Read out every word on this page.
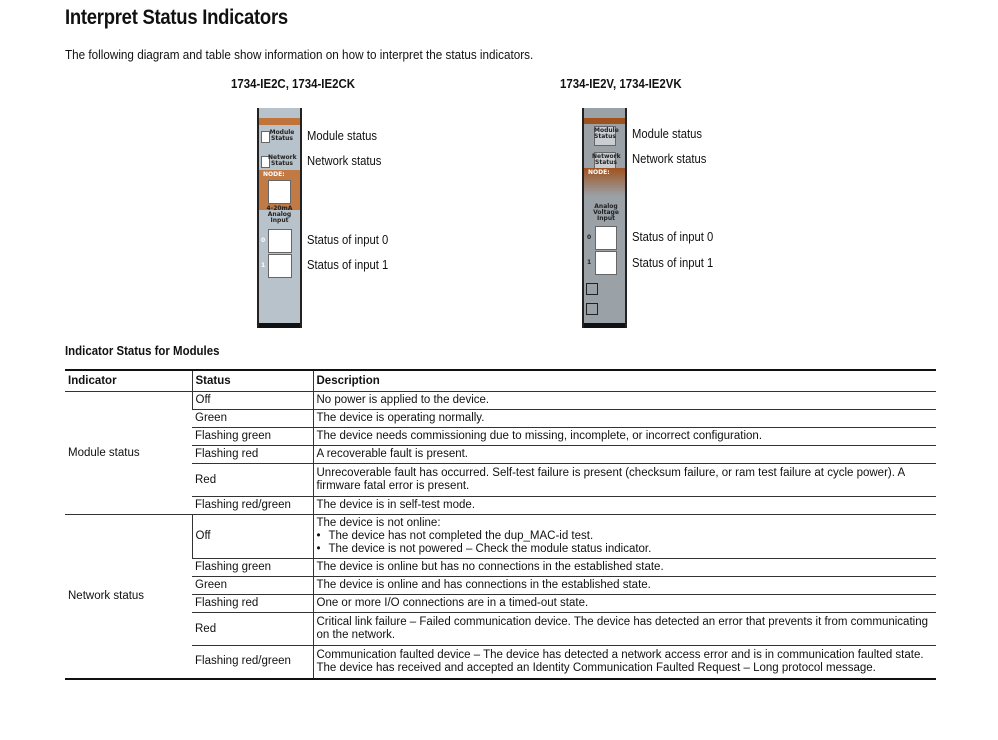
Interpret Status Indicators
The following diagram and table show information on how to interpret the status indicators.
1734-IE2C, 1734-IE2CK
Module
Status
Network
Status
NODE:
4-20mA
Analog
Input
0
1
Module status
Network status
Status of input 0
Status of input 1
1734-IE2V, 1734-IE2VK
Module
Status
Network
Status
NODE:
Analog
Voltage
Input
0
1
Module status
Network status
Status of input 0
Status of input 1
Indicator Status for Modules
Indicator	Status	Description
Module status	Off	No power is applied to the device.
	Green	The device is operating normally.
	Flashing green	The device needs commissioning due to missing, incomplete, or incorrect configuration.
	Flashing red	A recoverable fault is present.
	Red	Unrecoverable fault has occurred. Self-test failure is present (checksum failure, or ram test failure at cycle power). A firmware fatal error is present.
	Flashing red/green	The device is in self-test mode.
Network status	Off	The device is not online:
• The device has not completed the dup_MAC-id test.
• The device is not powered – Check the module status indicator.

	Flashing green	The device is online but has no connections in the established state.
	Green	The device is online and has connections in the established state.
	Flashing red	One or more I/O connections are in a timed-out state.
	Red	Critical link failure – Failed communication device. The device has detected an error that prevents it from communicating on the network.
	Flashing red/green	Communication faulted device – The device has detected a network access error and is in communication faulted state. The device has received and accepted an Identity Communication Faulted Request – Long protocol message.
